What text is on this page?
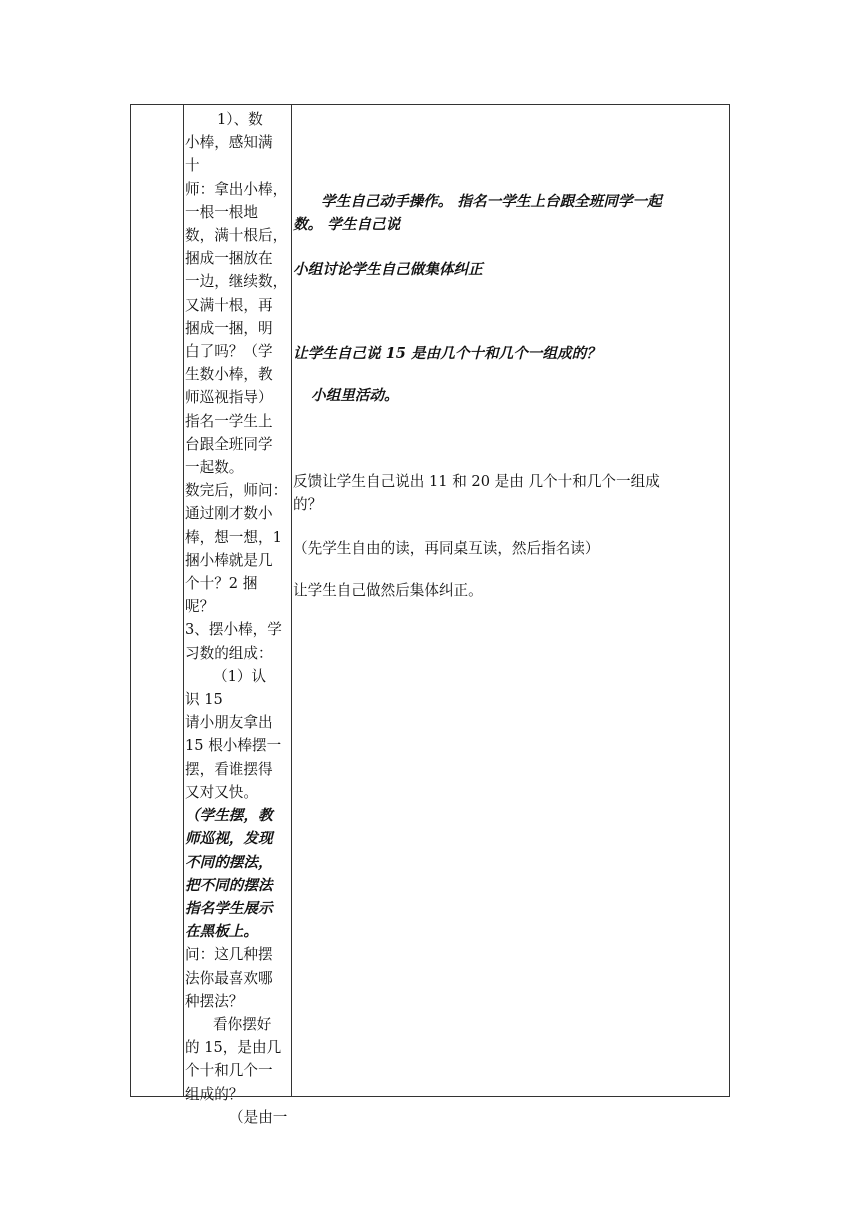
1）、数
小棒，感知满
十
师：拿出小棒，
一根一根地
数，满十根后，
捆成一捆放在
一边，继续数，
又满十根，再
捆成一捆，明
白了吗？（学
生数小棒，教
师巡视指导）
指名一学生上
台跟全班同学
一起数。
数完后，师问：
通过刚才数小
棒，想一想，1
捆小棒就是几
个十？2 捆
呢？
3、摆小棒，学
习数的组成：
（1）认
识 15
请小朋友拿出
15 根小棒摆一
摆，看谁摆得
又对又快。
（学生摆，教
师巡视，发现
不同的摆法，
把不同的摆法
指名学生展示
在黑板上。
问：这几种摆
法你最喜欢哪
种摆法？
看你摆好
的 15，是由几
个十和几个一
组成的？
（是由一
学生自己动手操作。 指名一学生上台跟全班同学一起
数。 学生自己说
小组讨论学生自己做集体纠正
让学生自己说 15 是由几个十和几个一组成的？
小组里活动。
反馈让学生自己说出 11 和 20 是由 几个十和几个一组成
的？
（先学生自由的读，再同桌互读，然后指名读）
让学生自己做然后集体纠正。
